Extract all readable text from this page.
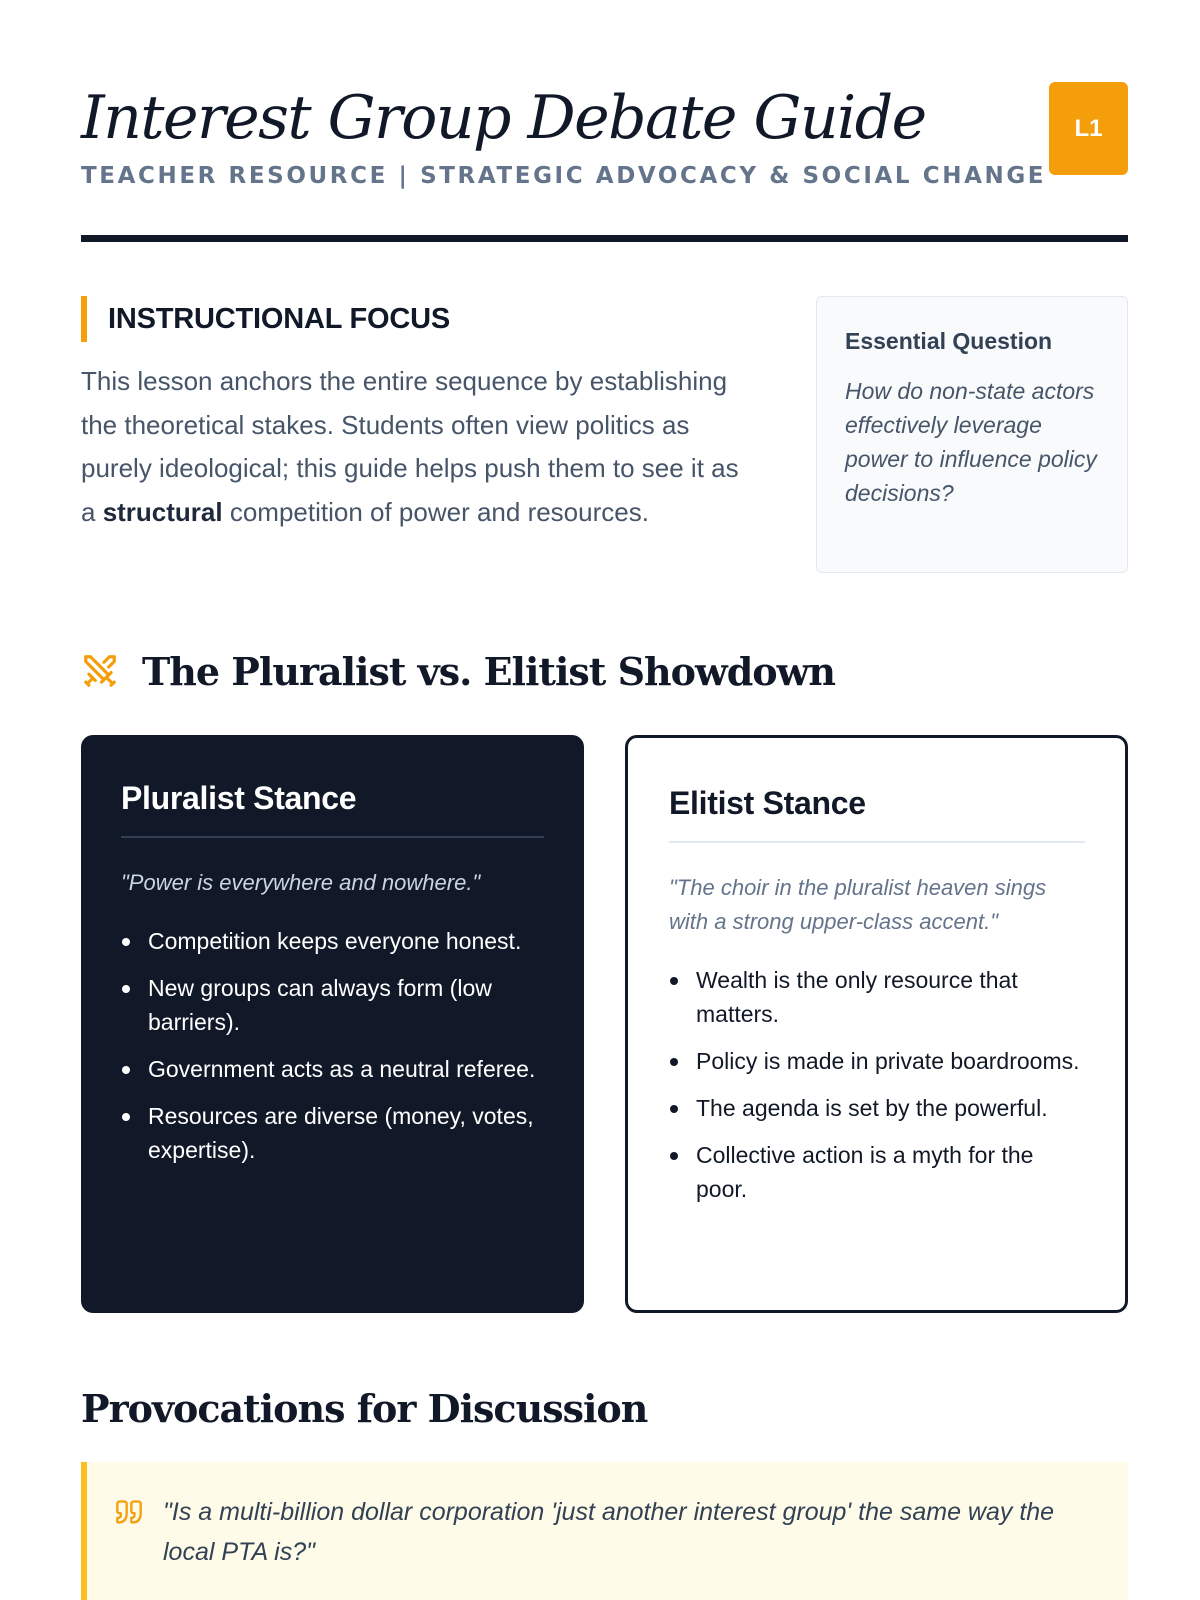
Interest Group Debate Guide
TEACHER RESOURCE | STRATEGIC ADVOCACY & SOCIAL CHANGE
L1
INSTRUCTIONAL FOCUS

This lesson anchors the entire sequence by establishing the theoretical stakes. Students often view politics as purely ideological; this guide helps push them to see it as a structural competition of power and resources.

Essential Question
How do non-state actors effectively leverage power to influence policy decisions?
The Pluralist vs. Elitist Showdown
Pluralist Stance

"Power is everywhere and nowhere."

Competition keeps everyone honest.
New groups can always form (low barriers).
Government acts as a neutral referee.
Resources are diverse (money, votes, expertise).
Elitist Stance

"The choir in the pluralist heaven sings with a strong upper-class accent."

Wealth is the only resource that matters.
Policy is made in private boardrooms.
The agenda is set by the powerful.
Collective action is a myth for the poor.
Provocations for Discussion

"Is a multi-billion dollar corporation 'just another interest group' the same way the local PTA is?"
